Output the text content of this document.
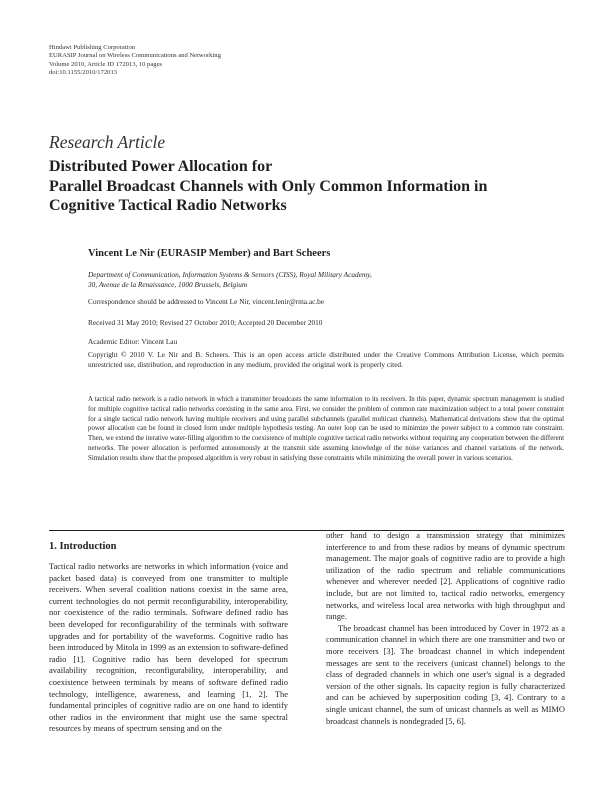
Hindawi Publishing Corporation
EURASIP Journal on Wireless Communications and Networking
Volume 2010, Article ID 172013, 10 pages
doi:10.1155/2010/172013
Research Article
Distributed Power Allocation for
Parallel Broadcast Channels with Only Common Information in
Cognitive Tactical Radio Networks
Vincent Le Nir (EURASIP Member) and Bart Scheers
Department of Communication, Information Systems & Sensors (CISS), Royal Military Academy,
30, Avenue de la Renaissance, 1000 Brussels, Belgium
Correspondence should be addressed to Vincent Le Nir, vincent.lenir@rma.ac.be
Received 31 May 2010; Revised 27 October 2010; Accepted 20 December 2010
Academic Editor: Vincent Lau
Copyright © 2010 V. Le Nir and B. Scheers. This is an open access article distributed under the Creative Commons Attribution License, which permits unrestricted use, distribution, and reproduction in any medium, provided the original work is properly cited.
A tactical radio network is a radio network in which a transmitter broadcasts the same information to its receivers. In this paper, dynamic spectrum management is studied for multiple cognitive tactical radio networks coexisting in the same area. First, we consider the problem of common rate maximization subject to a total power constraint for a single tactical radio network having multiple receivers and using parallel subchannels (parallel multicast channels). Mathematical derivations show that the optimal power allocation can be found in closed form under multiple hypothesis testing. An outer loop can be used to minimize the power subject to a common rate constraint. Then, we extend the iterative water-filling algorithm to the coexistence of multiple cognitive tactical radio networks without requiring any cooperation between the different networks. The power allocation is performed autonomously at the transmit side assuming knowledge of the noise variances and channel variations of the network. Simulation results show that the proposed algorithm is very robust in satisfying these constraints while minimizing the overall power in various scenarios.
1. Introduction

Tactical radio networks are networks in which information (voice and packet based data) is conveyed from one transmitter to multiple receivers. When several coalition nations coexist in the same area, current technologies do not permit reconfigurability, interoperability, nor coexistence of the radio terminals. Software defined radio has been developed for reconfigurability of the terminals with software upgrades and for portability of the waveforms. Cognitive radio has been introduced by Mitola in 1999 as an extension to software-defined radio [1]. Cognitive radio has been developed for spectrum availability recognition, reconfigurability, interoperability, and coexistence between terminals by means of software defined radio technology, intelligence, awareness, and learning [1, 2]. The fundamental principles of cognitive radio are on one hand to identify other radios in the environment that might use the same spectral resources by means of spectrum sensing and on the

other hand to design a transmission strategy that minimizes interference to and from these radios by means of dynamic spectrum management. The major goals of cognitive radio are to provide a high utilization of the radio spectrum and reliable communications whenever and wherever needed [2]. Applications of cognitive radio include, but are not limited to, tactical radio networks, emergency networks, and wireless local area networks with high throughput and range.

The broadcast channel has been introduced by Cover in 1972 as a communication channel in which there are one transmitter and two or more receivers [3]. The broadcast channel in which independent messages are sent to the receivers (unicast channel) belongs to the class of degraded channels in which one user's signal is a degraded version of the other signals. Its capacity region is fully characterized and can be achieved by superposition coding [3, 4]. Contrary to a single unicast channel, the sum of unicast channels as well as MIMO broadcast channels is nondegraded [5, 6].
